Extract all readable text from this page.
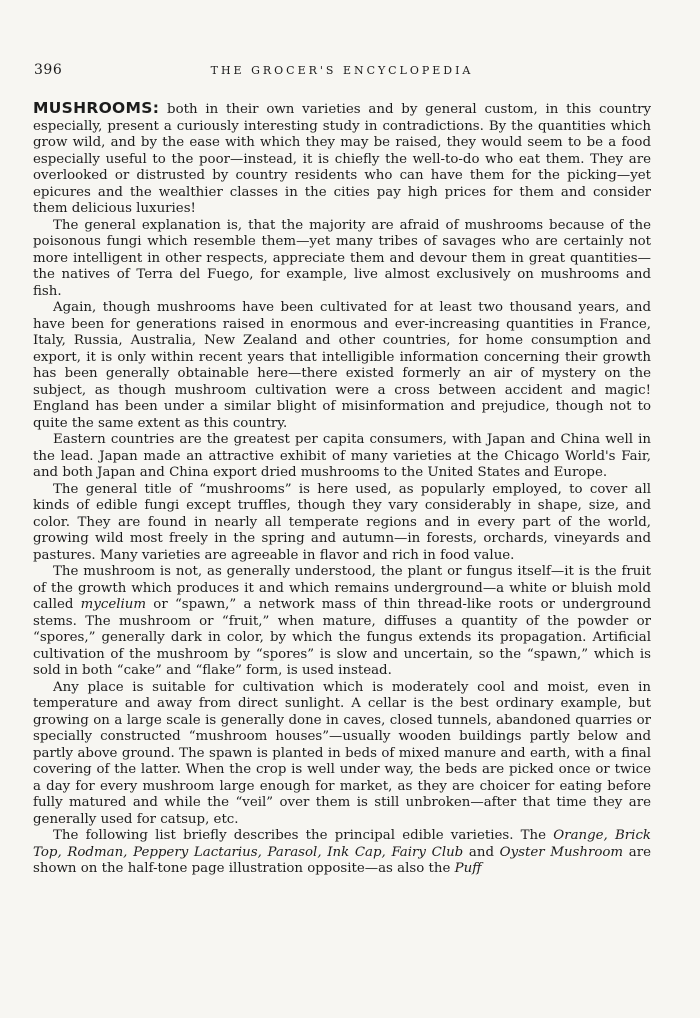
396	THE GROCER'S ENCYCLOPEDIA

MUSHROOMS: both in their own varieties and by general custom, in this country especially, present a curiously interesting study in contradictions. By the quantities which grow wild, and by the ease with which they may be raised, they would seem to be a food especially useful to the poor—instead, it is chiefly the well-to-do who eat them. They are overlooked or distrusted by country residents who can have them for the picking—yet epicures and the wealthier classes in the cities pay high prices for them and consider them delicious luxuries!

The general explanation is, that the majority are afraid of mushrooms because of the poisonous fungi which resemble them—yet many tribes of savages who are certainly not more intelligent in other respects, appreciate them and devour them in great quantities—the natives of Terra del Fuego, for example, live almost exclusively on mushrooms and fish.

Again, though mushrooms have been cultivated for at least two thousand years, and have been for generations raised in enormous and ever-increasing quantities in France, Italy, Russia, Australia, New Zealand and other countries, for home consumption and export, it is only within recent years that intelligible information concerning their growth has been generally obtainable here—there existed formerly an air of mystery on the subject, as though mushroom cultivation were a cross between accident and magic! England has been under a similar blight of misinformation and prejudice, though not to quite the same extent as this country.

Eastern countries are the greatest per capita consumers, with Japan and China well in the lead. Japan made an attractive exhibit of many varieties at the Chicago World's Fair, and both Japan and China export dried mushrooms to the United States and Europe.

The general title of “mushrooms” is here used, as popularly employed, to cover all kinds of edible fungi except truffles, though they vary considerably in shape, size, and color. They are found in nearly all temperate regions and in every part of the world, growing wild most freely in the spring and autumn—in forests, orchards, vineyards and pastures. Many varieties are agreeable in flavor and rich in food value.

The mushroom is not, as generally understood, the plant or fungus itself—it is the fruit of the growth which produces it and which remains underground—a white or bluish mold called mycelium or “spawn,” a network mass of thin thread-like roots or underground stems. The mushroom or “fruit,” when mature, diffuses a quantity of the powder or “spores,” generally dark in color, by which the fungus extends its propagation. Artificial cultivation of the mushroom by “spores” is slow and uncertain, so the “spawn,” which is sold in both “cake” and “flake” form, is used instead.

Any place is suitable for cultivation which is moderately cool and moist, even in temperature and away from direct sunlight. A cellar is the best ordinary example, but growing on a large scale is generally done in caves, closed tunnels, abandoned quarries or specially constructed “mushroom houses”—usually wooden buildings partly below and partly above ground. The spawn is planted in beds of mixed manure and earth, with a final covering of the latter. When the crop is well under way, the beds are picked once or twice a day for every mushroom large enough for market, as they are choicer for eating before fully matured and while the “veil” over them is still unbroken—after that time they are generally used for catsup, etc.

The following list briefly describes the principal edible varieties. The Orange, Brick Top, Rodman, Peppery Lactarius, Parasol, Ink Cap, Fairy Club and Oyster Mushroom are shown on the half-tone page illustration opposite—as also the Puff
